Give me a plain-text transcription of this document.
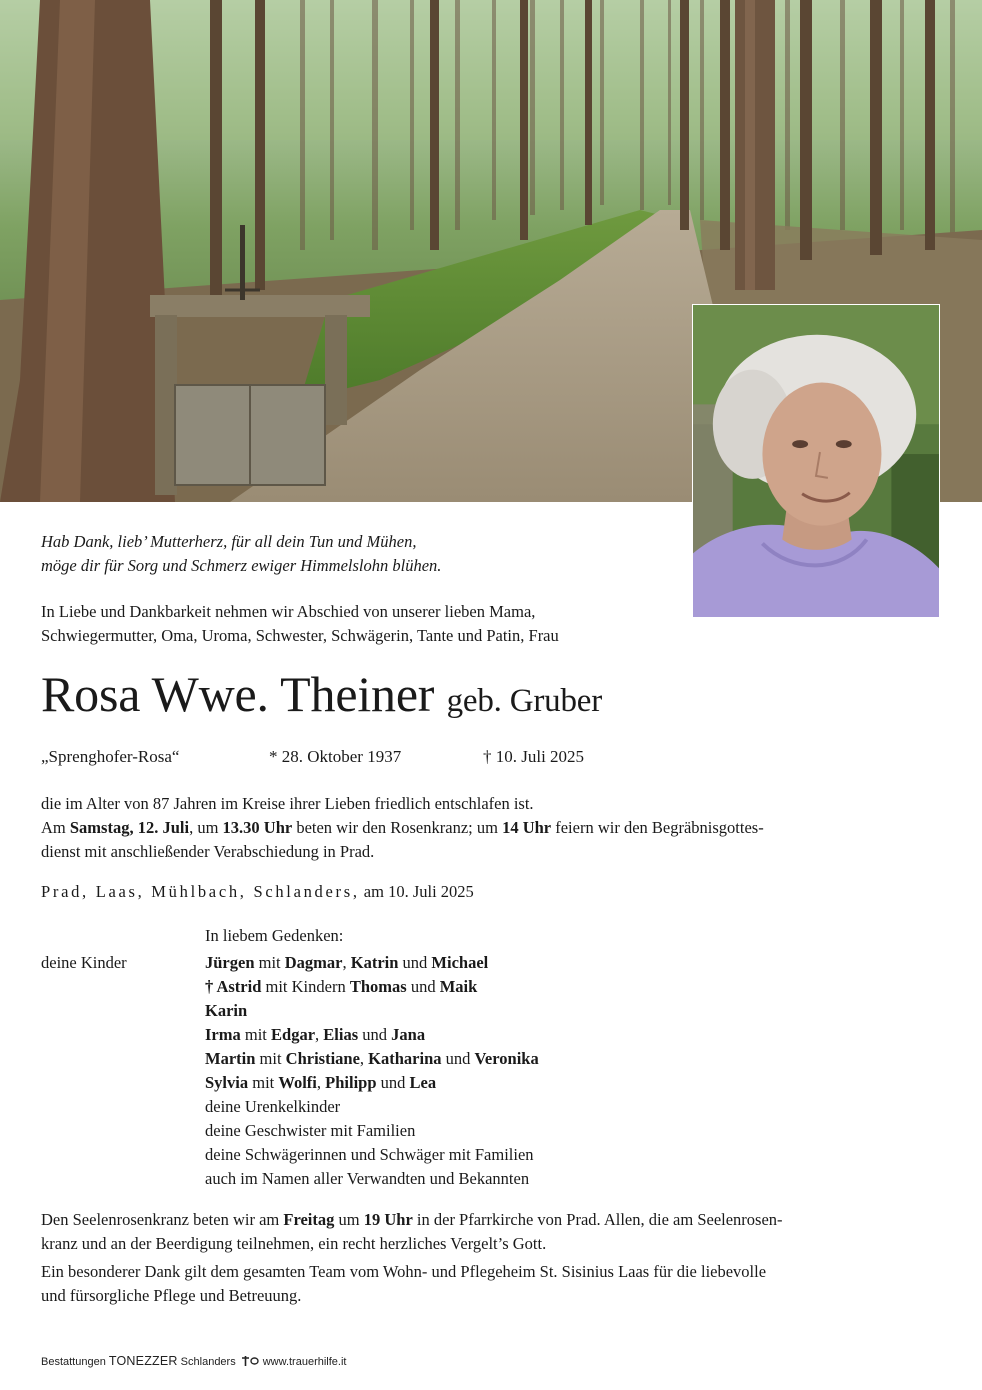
Hab Dank, lieb’ Mutterherz, für all dein Tun und Mühen,
möge dir für Sorg und Schmerz ewiger Himmelslohn blühen.
In Liebe und Dankbarkeit nehmen wir Abschied von unserer lieben Mama,
Schwiegermutter, Oma, Uroma, Schwester, Schwägerin, Tante und Patin, Frau
Rosa Wwe. Theiner geb. Gruber
„Sprenghofer-Rosa“	* 28. Oktober 1937	† 10. Juli 2025
die im Alter von 87 Jahren im Kreise ihrer Lieben friedlich entschlafen ist.
Am Samstag, 12. Juli, um 13.30 Uhr beten wir den Rosenkranz; um 14 Uhr feiern wir den Begräbnisgottes-
dienst mit anschließender Verabschiedung in Prad.
Prad, Laas, Mühlbach, Schlanders, am 10. Juli 2025
In liebem Gedenken:
deine Kinder	Jürgen mit Dagmar, Katrin und Michael
† Astrid mit Kindern Thomas und Maik
Karin
Irma mit Edgar, Elias und Jana
Martin mit Christiane, Katharina und Veronika
Sylvia mit Wolfi, Philipp und Lea
deine Urenkelkinder
deine Geschwister mit Familien
deine Schwägerinnen und Schwäger mit Familien
auch im Namen aller Verwandten und Bekannten
Den Seelenrosenkranz beten wir am Freitag um 19 Uhr in der Pfarrkirche von Prad. Allen, die am Seelenrosen-
kranz und an der Beerdigung teilnehmen, ein recht herzliches Vergelt’s Gott.
Ein besonderer Dank gilt dem gesamten Team vom Wohn- und Pflegeheim St. Sisinius Laas für die liebevolle
und fürsorgliche Pflege und Betreuung.
Bestattungen TONEZZER Schlanders www.trauerhilfe.it
